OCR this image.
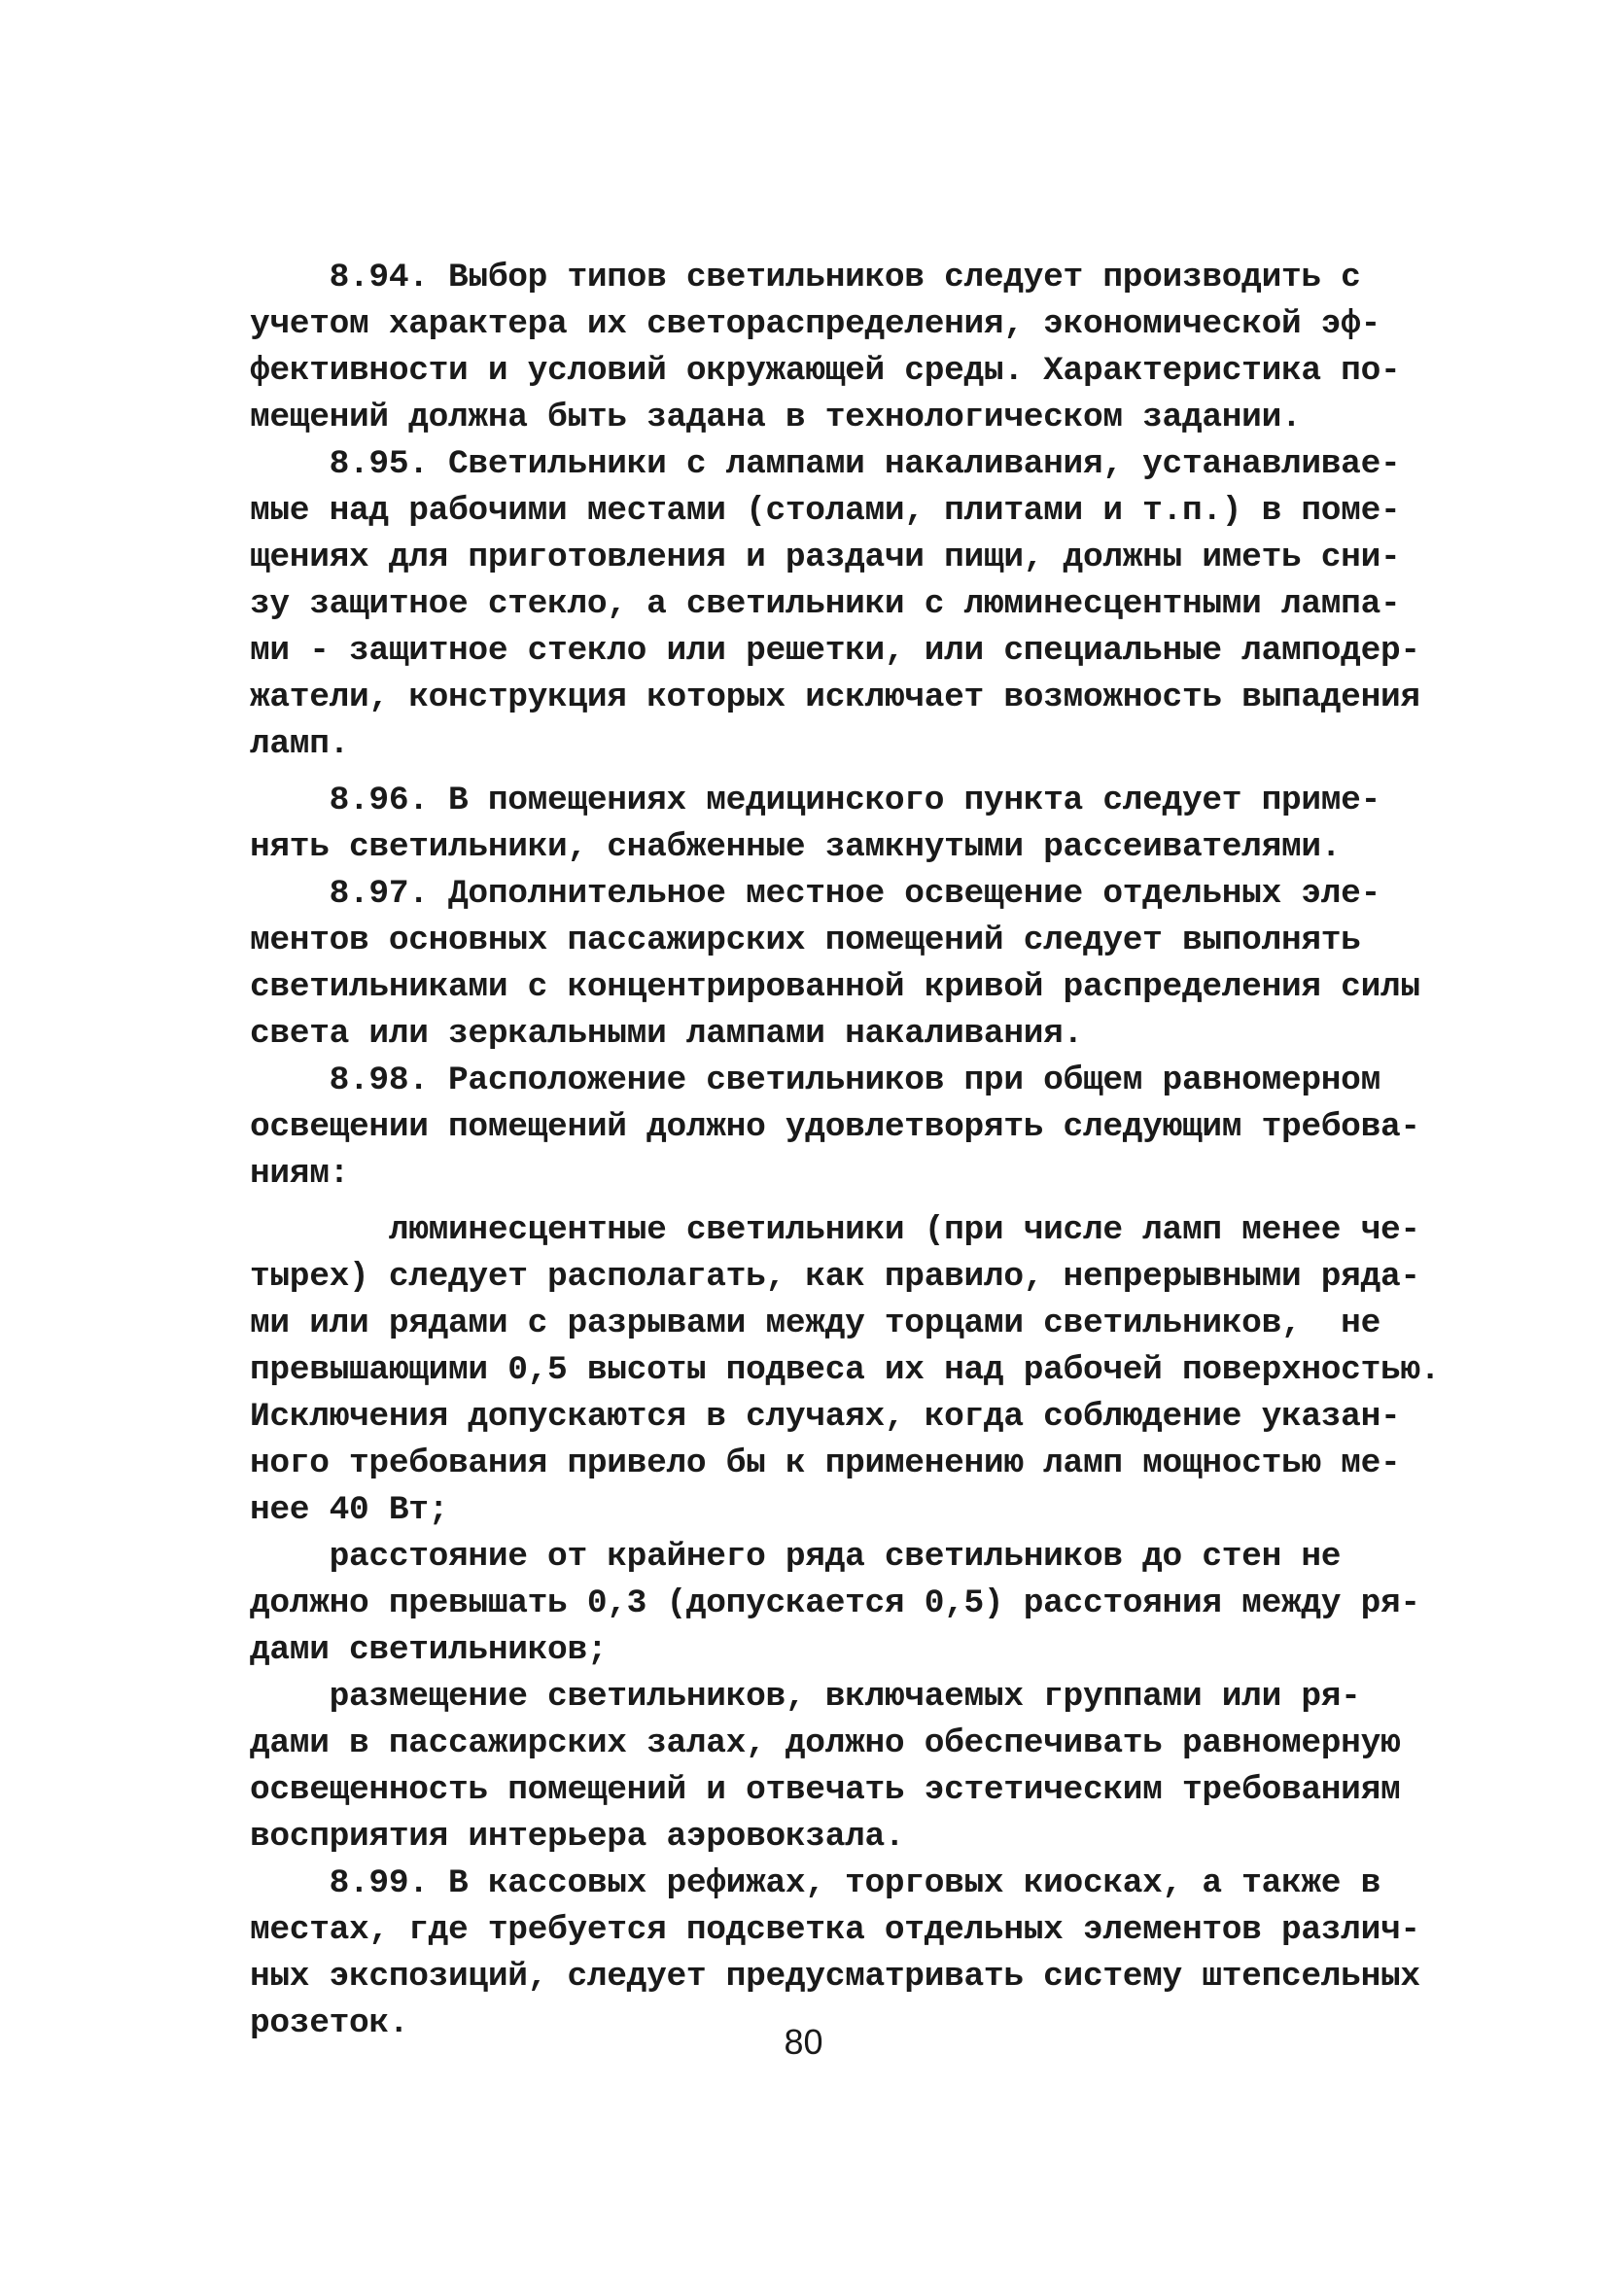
8.94. Выбор типов светильников следует производить с
учетом характера их светораспределения, экономической эф-
фективности и условий окружающей среды. Характеристика по-
мещений должна быть задана в технологическом задании.
8.95. Светильники с лампами накаливания, устанавливае-
мые над рабочими местами (столами, плитами и т.п.) в поме-
щениях для приготовления и раздачи пищи, должны иметь сни-
зу защитное стекло, а светильники с люминесцентными лампа-
ми - защитное стекло или решетки, или специальные ламподер-
жатели, конструкция которых исключает возможность выпадения
ламп.
8.96. В помещениях медицинского пункта следует приме-
нять светильники, снабженные замкнутыми рассеивателями.
8.97. Дополнительное местное освещение отдельных эле-
ментов основных пассажирских помещений следует выполнять
светильниками с концентрированной кривой распределения силы
света или зеркальными лампами накаливания.
8.98. Расположение светильников при общем равномерном
освещении помещений должно удовлетворять следующим требова-
ниям:
люминесцентные светильники (при числе ламп менее че-
тырех) следует располагать, как правило, непрерывными ряда-
ми или рядами с разрывами между торцами светильников,  не
превышающими 0,5 высоты подвеса их над рабочей поверхностью.
Исключения допускаются в случаях, когда соблюдение указан-
ного требования привело бы к применению ламп мощностью ме-
нее 40 Вт;
расстояние от крайнего ряда светильников до стен не
должно превышать 0,3 (допускается 0,5) расстояния между ря-
дами светильников;
размещение светильников, включаемых группами или ря-
дами в пассажирских залах, должно обеспечивать равномерную
освещенность помещений и отвечать эстетическим требованиям
восприятия интерьера аэровокзала.
8.99. В кассовых рефижах, торговых киосках, а также в
местах, где требуется подсветка отдельных элементов различ-
ных экспозиций, следует предусматривать систему штепсельных
розеток.	80
